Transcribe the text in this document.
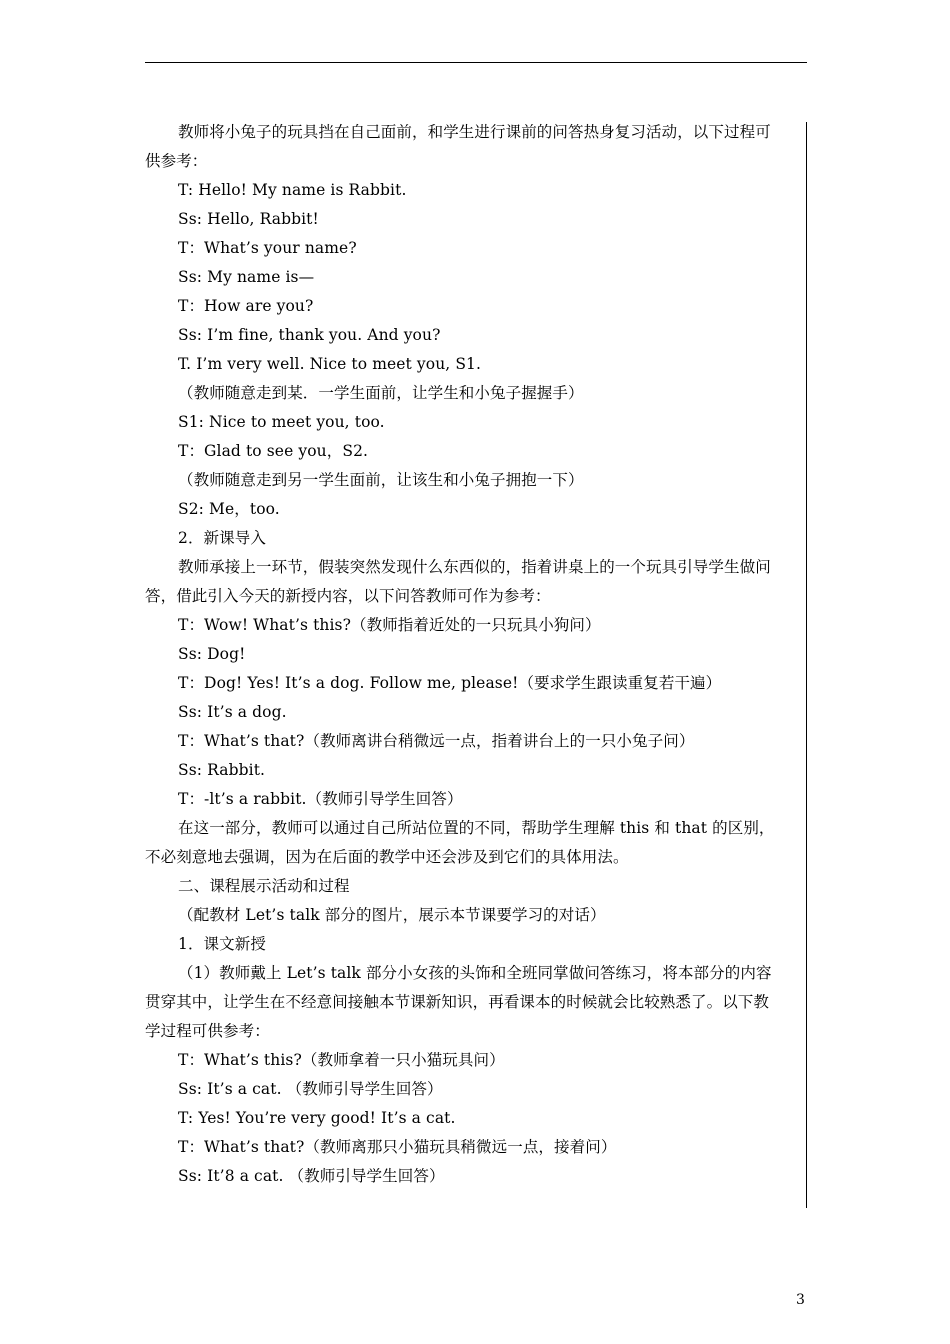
教师将小兔子的玩具挡在自己面前，和学生进行课前的问答热身复习活动，以下过程可
供参考：
T: Hello! My name is Rabbit.
Ss: Hello, Rabbit!
T：What’s your name?
Ss: My name is—
T：How are you?
Ss: I’m fine, thank you. And you?
T. I’m very well. Nice to meet you, S1.
（教师随意走到某．一学生面前，让学生和小兔子握握手）
S1: Nice to meet you, too.
T：Glad to see you，S2.
（教师随意走到另一学生面前，让该生和小兔子拥抱一下）
S2: Me，too.
2．新课导入
教师承接上一环节，假装突然发现什么东西似的，指着讲桌上的一个玩具引导学生做问
答，借此引入今天的新授内容，以下问答教师可作为参考：
T：Wow! What’s this?（教师指着近处的一只玩具小狗问）
Ss: Dog!
T：Dog! Yes! It’s a dog. Follow me, please!（要求学生跟读重复若干遍）
Ss: It’s a dog.
T：What’s that?（教师离讲台稍微远一点，指着讲台上的一只小兔子问）
Ss: Rabbit.
T：-lt’s a rabbit.（教师引导学生回答）
在这一部分，教师可以通过自己所站位置的不同，帮助学生理解 this 和 that 的区别，
不必刻意地去强调，因为在后面的教学中还会涉及到它们的具体用法。
二、课程展示活动和过程
（配教材 Let’s talk 部分的图片，展示本节课要学习的对话）
1．课文新授
（1）教师戴上 Let’s talk 部分小女孩的头饰和全班同掌做问答练习，将本部分的内容
贯穿其中，让学生在不经意间接触本节课新知识，再看课本的时候就会比较熟悉了。以下教
学过程可供参考：
T：What’s this?（教师拿着一只小猫玩具问）
Ss: It’s a cat. （教师引导学生回答）
T: Yes! You’re very good! It’s a cat.
T：What’s that?（教师离那只小猫玩具稍微远一点，接着问）
Ss: It’8 a cat. （教师引导学生回答）
3
